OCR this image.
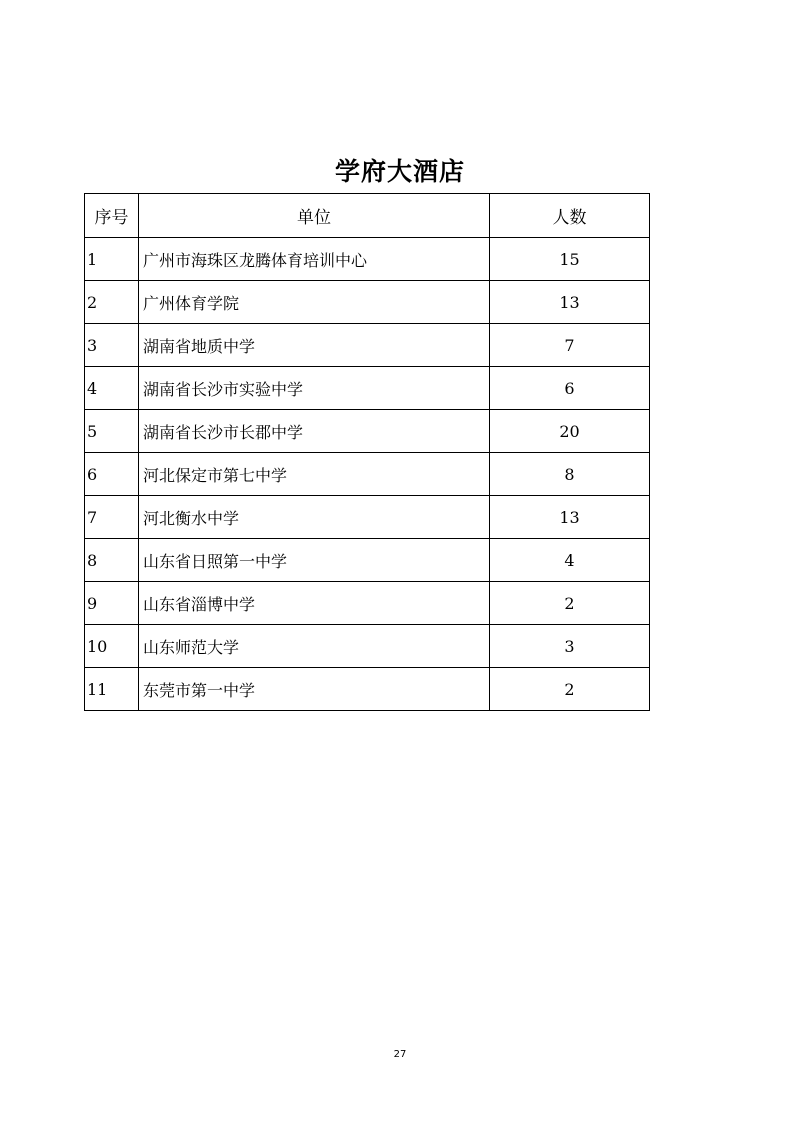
学府大酒店
序号	单位	人数
1	广州市海珠区龙腾体育培训中心	15
2	广州体育学院	13
3	湖南省地质中学	7
4	湖南省长沙市实验中学	6
5	湖南省长沙市长郡中学	20
6	河北保定市第七中学	8
7	河北衡水中学	13
8	山东省日照第一中学	4
9	山东省淄博中学	2
10	山东师范大学	3
11	东莞市第一中学	2
27
